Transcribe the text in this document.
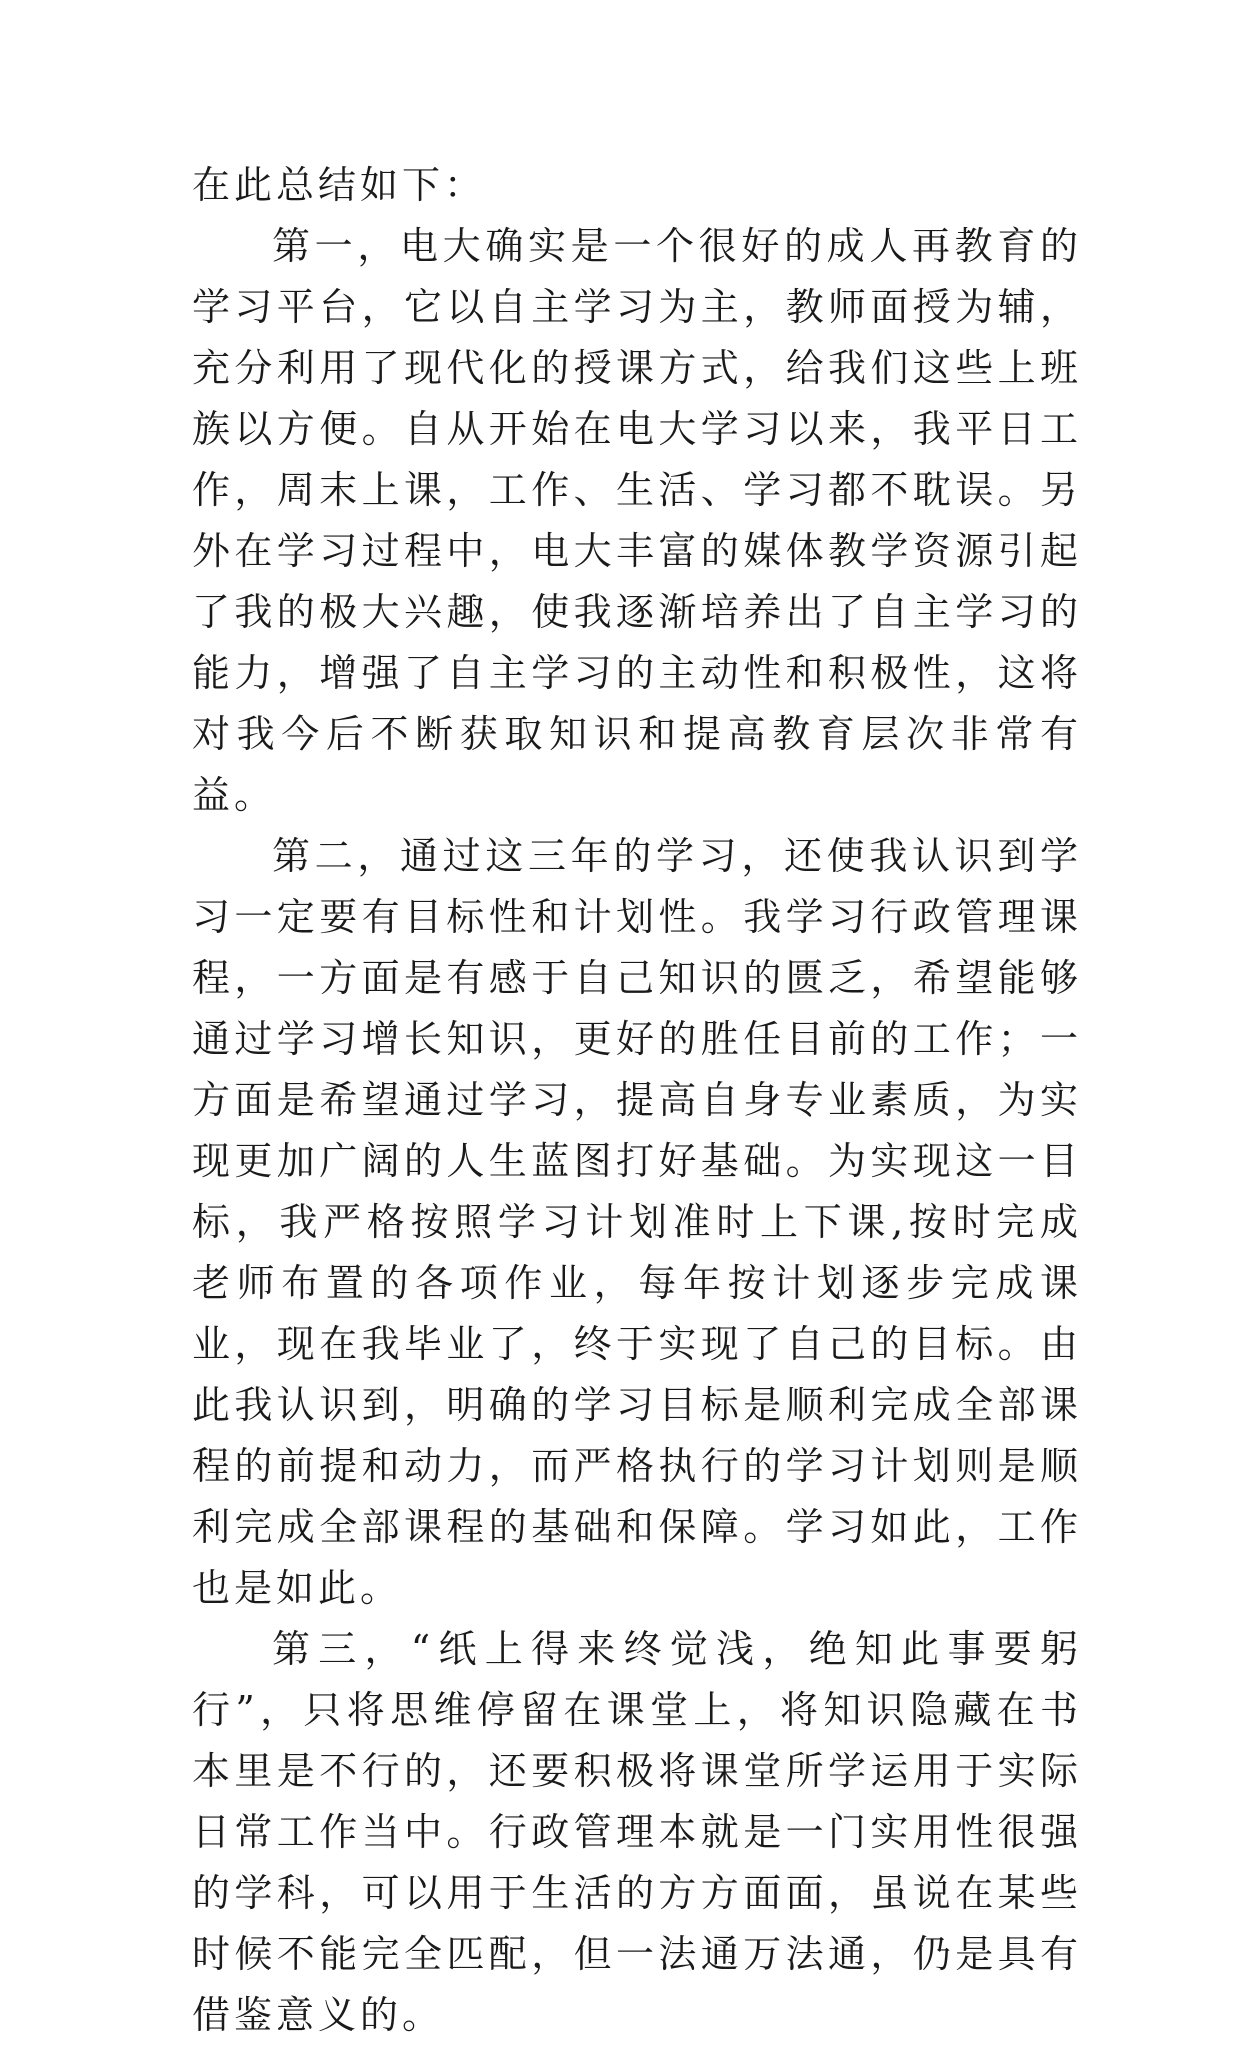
在此总结如下：

第一，电大确实是一个很好的成人再教育的学习平台，它以自主学习为主，教师面授为辅，充分利用了现代化的授课方式，给我们这些上班族以方便。自从开始在电大学习以来，我平日工作，周末上课，工作、生活、学习都不耽误。另外在学习过程中，电大丰富的媒体教学资源引起了我的极大兴趣，使我逐渐培养出了自主学习的能力，增强了自主学习的主动性和积极性，这将对我今后不断获取知识和提高教育层次非常有益。

第二，通过这三年的学习，还使我认识到学习一定要有目标性和计划性。我学习行政管理课程，一方面是有感于自己知识的匮乏，希望能够通过学习增长知识，更好的胜任目前的工作；一方面是希望通过学习，提高自身专业素质，为实现更加广阔的人生蓝图打好基础。为实现这一目标，我严格按照学习计划准时上下课,按时完成老师布置的各项作业，每年按计划逐步完成课业，现在我毕业了，终于实现了自己的目标。由此我认识到，明确的学习目标是顺利完成全部课程的前提和动力，而严格执行的学习计划则是顺利完成全部课程的基础和保障。学习如此，工作也是如此。

第三，“纸上得来终觉浅，绝知此事要躬行”，只将思维停留在课堂上，将知识隐藏在书本里是不行的，还要积极将课堂所学运用于实际日常工作当中。行政管理本就是一门实用性很强的学科，可以用于生活的方方面面，虽说在某些时候不能完全匹配，但一法通万法通，仍是具有借鉴意义的。
